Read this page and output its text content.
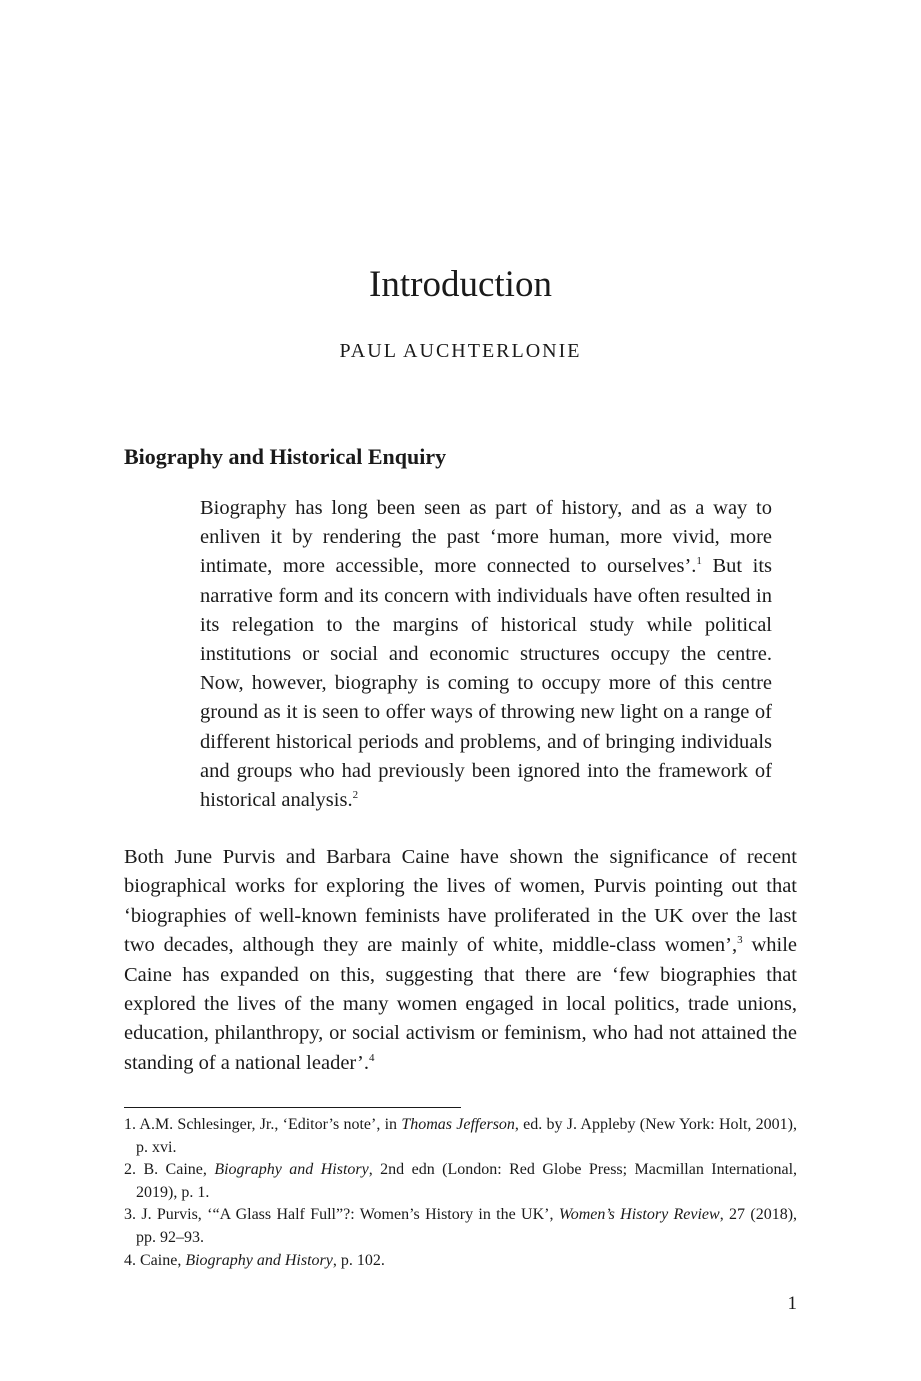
Introduction
PAUL AUCHTERLONIE
Biography and Historical Enquiry

Biography has long been seen as part of history, and as a way to enliven it by rendering the past ‘more human, more vivid, more intimate, more accessible, more connected to ourselves’.$^1$ But its narrative form and its concern with individuals have often resulted in its relegation to the margins of historical study while political institutions or social and economic structures occupy the centre. Now, however, biography is coming to occupy more of this centre ground as it is seen to offer ways of throwing new light on a range of different historical periods and problems, and of bringing individuals and groups who had previously been ignored into the framework of historical analysis.$^2$

Both June Purvis and Barbara Caine have shown the significance of recent biographical works for exploring the lives of women, Purvis pointing out that ‘biographies of well-known feminists have proliferated in the UK over the last two decades, although they are mainly of white, middle-class women’,$^3$ while Caine has expanded on this, suggesting that there are ‘few biographies that explored the lives of the many women engaged in local politics, trade unions, education, philanthropy, or social activism or feminism, who had not attained the standing of a national leader’.$^4$

1. A.M. Schlesinger, Jr., ‘Editor’s note’, in Thomas Jefferson, ed. by J. Appleby (New York: Holt, 2001), p. xvi.
2. B. Caine, Biography and History, 2nd edn (London: Red Globe Press; Macmillan International, 2019), p. 1.
3. J. Purvis, ‘“A Glass Half Full”?: Women’s History in the UK’, Women’s History Review, 27 (2018), pp. 92–93.
4. Caine, Biography and History, p. 102.
1
